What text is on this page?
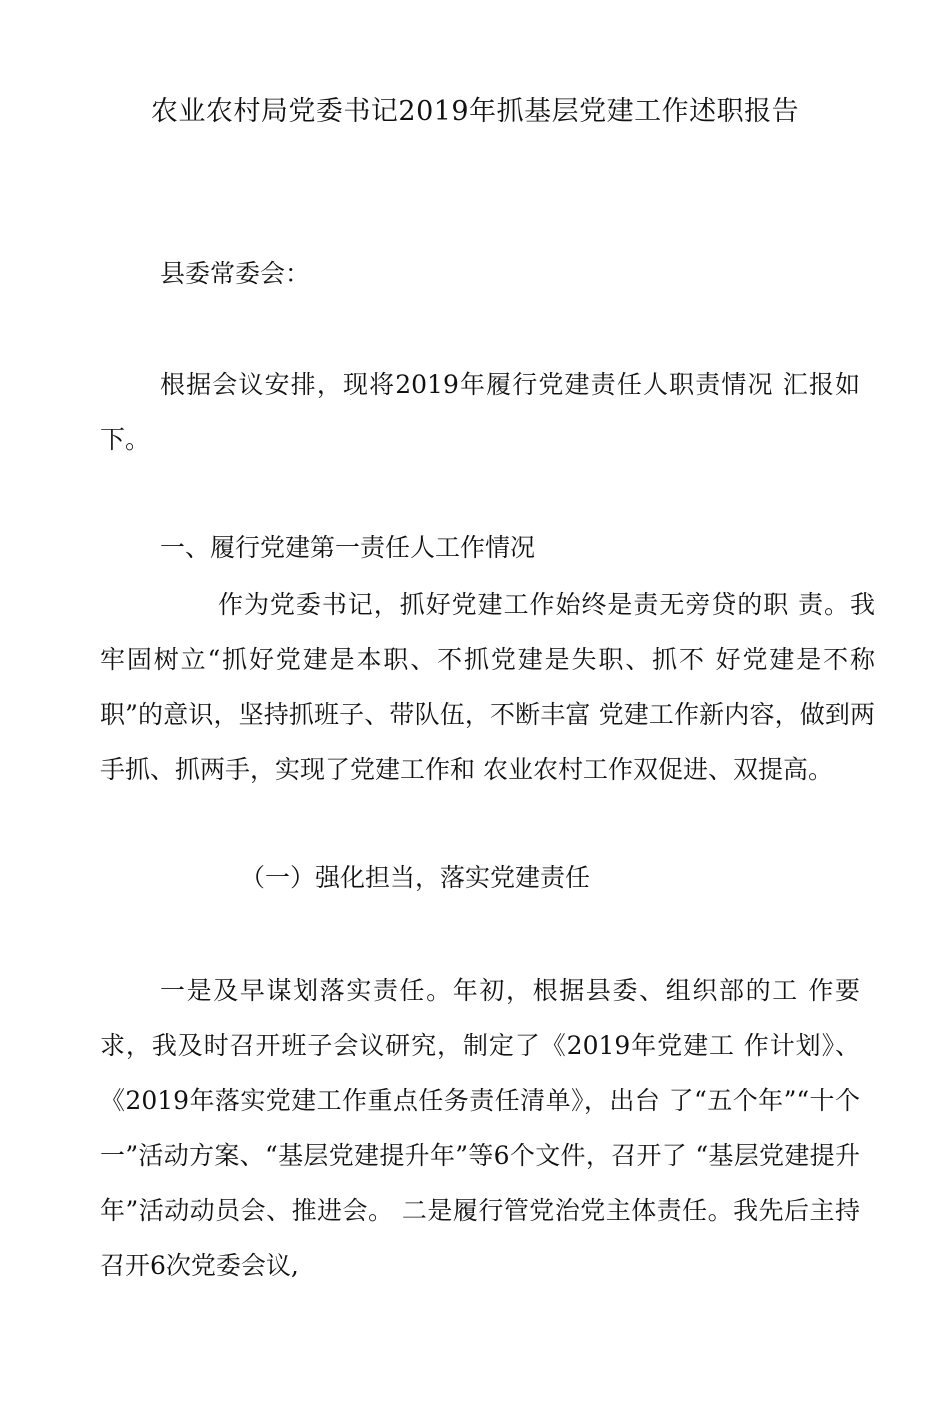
农业农村局党委书记2019年抓基层党建工作述职报告
县委常委会：

根据会议安排，现将2019年履行党建责任人职责情况 汇报如下。

一、履行党建第一责任人工作情况

作为党委书记，抓好党建工作始终是责无旁贷的职 责。我牢固树立“抓好党建是本职、不抓党建是失职、抓不 好党建是不称职”的意识，坚持抓班子、带队伍，不断丰富 党建工作新内容，做到两手抓、抓两手，实现了党建工作和 农业农村工作双促进、双提高。

（一）强化担当，落实党建责任

一是及早谋划落实责任。年初，根据县委、组织部的工 作要求，我及时召开班子会议研究，制定了《2019年党建工 作计划》、《2019年落实党建工作重点任务责任清单》，出台 了“五个年”“十个一”活动方案、“基层党建提升年”等6个文件，召开了 “基层党建提升年”活动动员会、推进会。 二是履行管党治党主体责任。我先后主持召开6次党委会议,
